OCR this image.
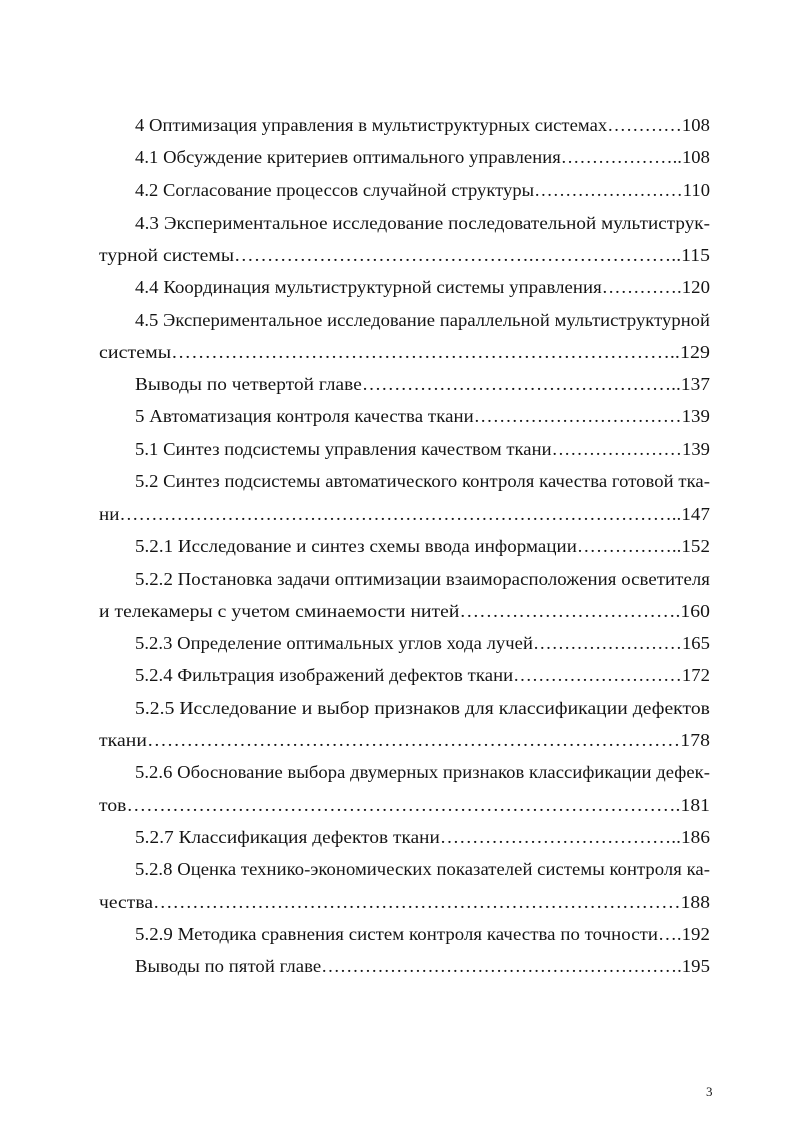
4 Оптимизация управления в мультиструктурных системах…………108
4.1 Обсуждение критериев оптимального управления………………..108
4.2 Согласование процессов случайной структуры……………………110
4.3 Экспериментальное исследование последовательной мультиструк-
турной системы……………………………………….…………………..115
4.4 Координация мультиструктурной системы управления………….120
4.5 Экспериментальное исследование параллельной мультиструктурной
системы…………………………………………………………………..129
Выводы по четвертой главе…………………………………………..137
5 Автоматизация контроля качества ткани……………………………139
5.1 Синтез подсистемы управления качеством ткани…………………139
5.2 Синтез подсистемы автоматического контроля качества готовой тка-
ни……………………………………………………………………………..147
5.2.1 Исследование и синтез схемы ввода информации……………..152
5.2.2 Постановка задачи оптимизации взаиморасположения осветителя
и телекамеры с учетом сминаемости нитей…………………………….160
5.2.3 Определение оптимальных углов хода лучей……………………165
5.2.4 Фильтрация изображений дефектов ткани………………………172
5.2.5 Исследование и выбор признаков для классификации дефектов
ткани………………………………………………………………………178
5.2.6 Обоснование выбора двумерных признаков классификации дефек-
тов………………………………………………………………………….181
5.2.7 Классификация дефектов ткани………………………………..186
5.2.8 Оценка технико-экономических показателей системы контроля ка-
чества………………………………………………………………………188
5.2.9 Методика сравнения систем контроля качества по точности….192
Выводы по пятой главе………………………………………………….195
3
